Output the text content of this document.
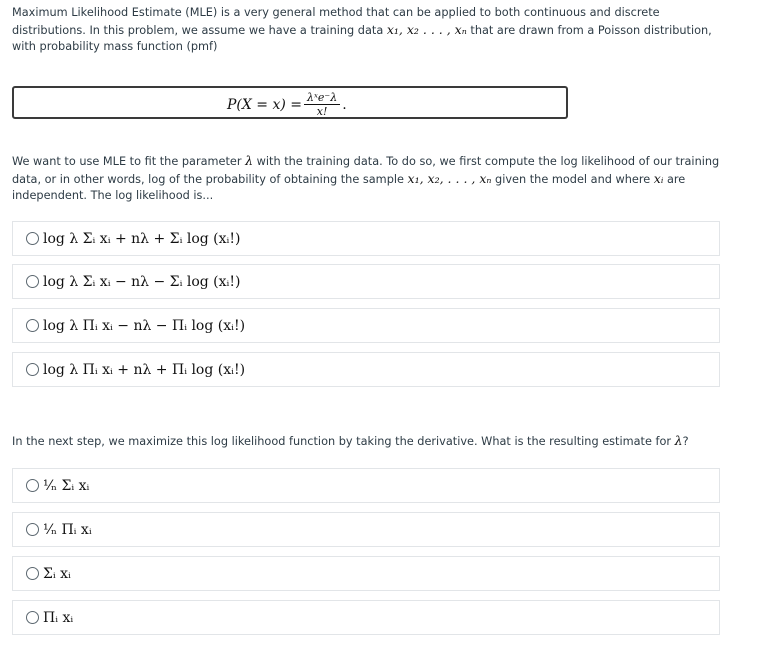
Maximum Likelihood Estimate (MLE) is a very general method that can be applied to both continuous and discrete
distributions. In this problem, we assume we have a training data x₁, x₂ . . . , xₙ that are drawn from a Poisson distribution,
with probability mass function (pmf)
$P(X = x) = \frac{\text{λˣe⁻λ}}{x!}$ .
We want to use MLE to fit the parameter λ with the training data. To do so, we first compute the log likelihood of our training
data, or in other words, log of the probability of obtaining the sample x₁, x₂, . . . , xₙ given the model and where xᵢ are
independent. The log likelihood is...
log λ Σᵢ xᵢ + nλ + Σᵢ log (xᵢ!)
log λ Σᵢ xᵢ − nλ − Σᵢ log (xᵢ!)
log λ Πᵢ xᵢ − nλ − Πᵢ log (xᵢ!)
log λ Πᵢ xᵢ + nλ + Πᵢ log (xᵢ!)
In the next step, we maximize this log likelihood function by taking the derivative. What is the resulting estimate for λ?
¹⁄ₙ Σᵢ xᵢ
¹⁄ₙ Πᵢ xᵢ
Σᵢ xᵢ
Πᵢ xᵢ
